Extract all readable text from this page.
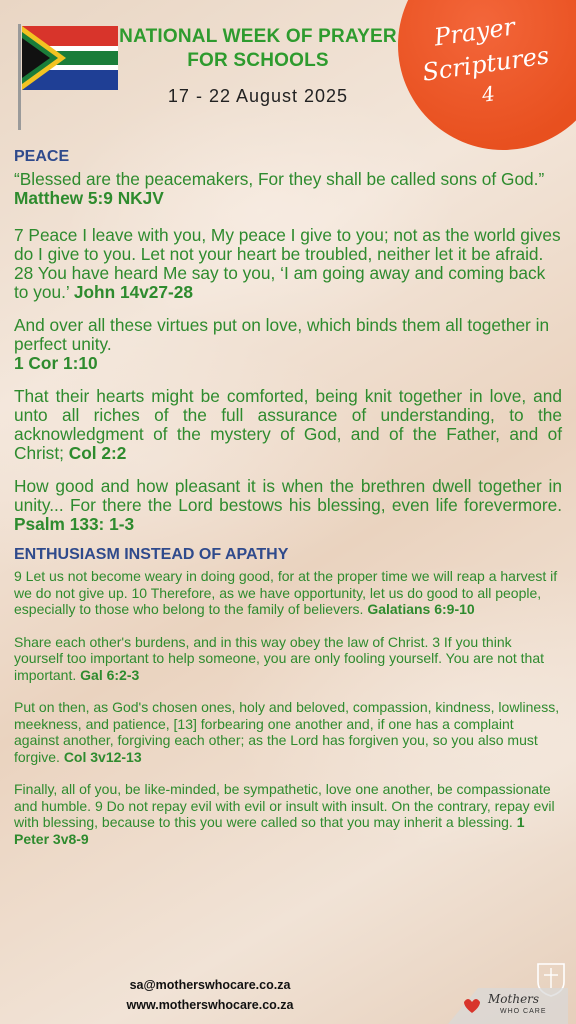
NATIONAL WEEK OF PRAYER
FOR SCHOOLS
17 - 22 August 2025
Prayer
Scriptures
4

PEACE

“Blessed are the peacemakers, For they shall be called sons of God.” Matthew 5:9 NKJV

7 Peace I leave with you, My peace I give to you; not as the world gives do I give to you. Let not your heart be troubled, neither let it be afraid. 28 You have heard Me say to you, ‘I am going away and coming back to you.’ John 14v27-28

And over all these virtues put on love, which binds them all together in perfect unity.
1 Cor 1:10

That their hearts might be comforted, being knit together in love, and unto all riches of the full assurance of understanding, to the acknowledgment of the mystery of God, and of the Father, and of Christ; Col 2:2

How good and how pleasant it is when the brethren dwell together in unity... For there the Lord bestows his blessing, even life forevermore. Psalm 133: 1-3

ENTHUSIASM INSTEAD OF APATHY

9 Let us not become weary in doing good, for at the proper time we will reap a harvest if we do not give up. 10 Therefore, as we have opportunity, let us do good to all people, especially to those who belong to the family of believers. Galatians 6:9-10

Share each other's burdens, and in this way obey the law of Christ. 3 If you think yourself too important to help someone, you are only fooling yourself. You are not that important. Gal 6:2-3

Put on then, as God's chosen ones, holy and beloved, compassion, kindness, lowliness, meekness, and patience, [13] forbearing one another and, if one has a complaint against another, forgiving each other; as the Lord has forgiven you, so you also must forgive. Col 3v12-13

Finally, all of you, be like-minded, be sympathetic, love one another, be compassionate and humble. 9 Do not repay evil with evil or insult with insult. On the contrary, repay evil with blessing, because to this you were called so that you may inherit a blessing. 1 Peter 3v8-9

sa@motherswhocare.co.za
www.motherswhocare.co.za	Mothers
WHO CARE
